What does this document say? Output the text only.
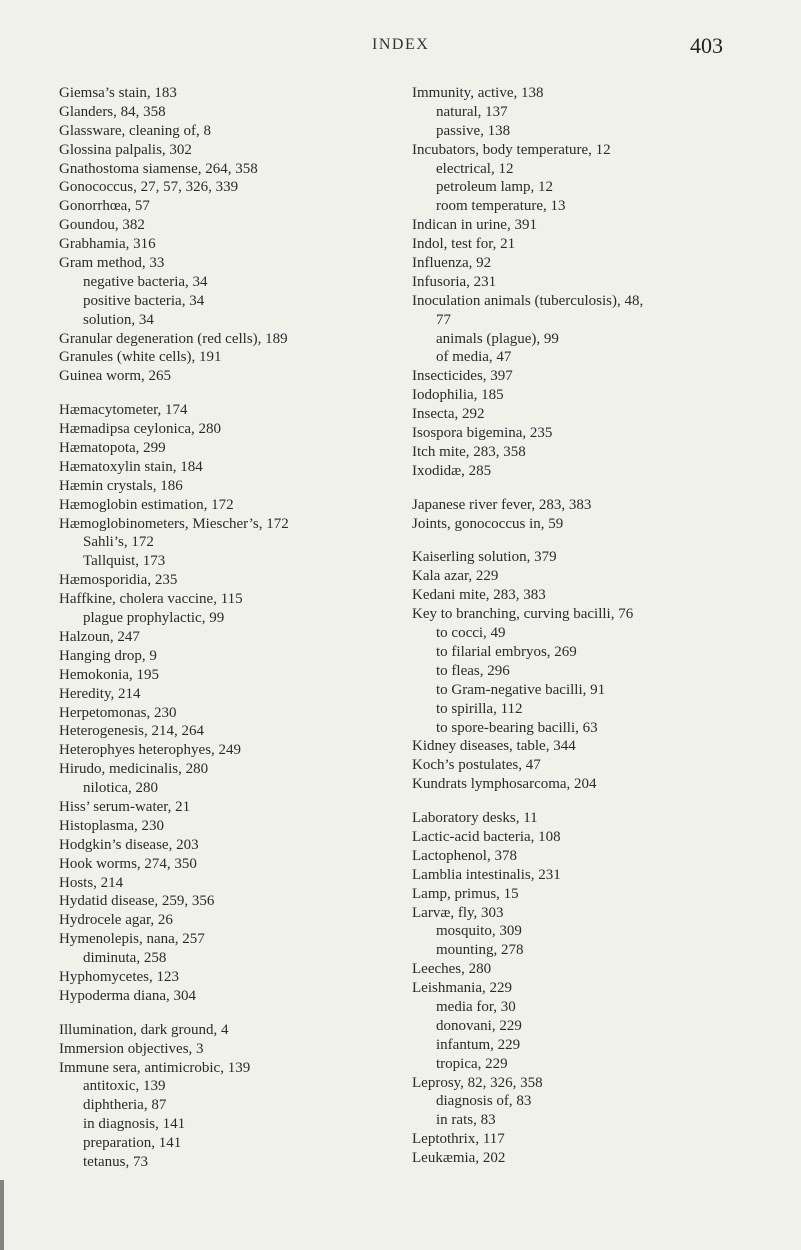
INDEX	403
Giemsa’s stain, 183
Glanders, 84, 358
Glassware, cleaning of, 8
Glossina palpalis, 302
Gnathostoma siamense, 264, 358
Gonococcus, 27, 57, 326, 339
Gonorrhœa, 57
Goundou, 382
Grabhamia, 316
Gram method, 33
negative bacteria, 34
positive bacteria, 34
solution, 34
Granular degeneration (red cells), 189
Granules (white cells), 191
Guinea worm, 265
Hæmacytometer, 174
Hæmadipsa ceylonica, 280
Hæmatopota, 299
Hæmatoxylin stain, 184
Hæmin crystals, 186
Hæmoglobin estimation, 172
Hæmoglobinometers, Miescher’s, 172
Sahli’s, 172
Tallquist, 173
Hæmosporidia, 235
Haffkine, cholera vaccine, 115
plague prophylactic, 99
Halzoun, 247
Hanging drop, 9
Hemokonia, 195
Heredity, 214
Herpetomonas, 230
Heterogenesis, 214, 264
Heterophyes heterophyes, 249
Hirudo, medicinalis, 280
nilotica, 280
Hiss’ serum-water, 21
Histoplasma, 230
Hodgkin’s disease, 203
Hook worms, 274, 350
Hosts, 214
Hydatid disease, 259, 356
Hydrocele agar, 26
Hymenolepis, nana, 257
diminuta, 258
Hyphomycetes, 123
Hypoderma diana, 304
Illumination, dark ground, 4
Immersion objectives, 3
Immune sera, antimicrobic, 139
antitoxic, 139
diphtheria, 87
in diagnosis, 141
preparation, 141
tetanus, 73
Immunity, active, 138
natural, 137
passive, 138
Incubators, body temperature, 12
electrical, 12
petroleum lamp, 12
room temperature, 13
Indican in urine, 391
Indol, test for, 21
Influenza, 92
Infusoria, 231
Inoculation animals (tuberculosis), 48,
77
animals (plague), 99
of media, 47
Insecticides, 397
Iodophilia, 185
Insecta, 292
Isospora bigemina, 235
Itch mite, 283, 358
Ixodidæ, 285
Japanese river fever, 283, 383
Joints, gonococcus in, 59
Kaiserling solution, 379
Kala azar, 229
Kedani mite, 283, 383
Key to branching, curving bacilli, 76
to cocci, 49
to filarial embryos, 269
to fleas, 296
to Gram-negative bacilli, 91
to spirilla, 112
to spore-bearing bacilli, 63
Kidney diseases, table, 344
Koch’s postulates, 47
Kundrats lymphosarcoma, 204
Laboratory desks, 11
Lactic-acid bacteria, 108
Lactophenol, 378
Lamblia intestinalis, 231
Lamp, primus, 15
Larvæ, fly, 303
mosquito, 309
mounting, 278
Leeches, 280
Leishmania, 229
media for, 30
donovani, 229
infantum, 229
tropica, 229
Leprosy, 82, 326, 358
diagnosis of, 83
in rats, 83
Leptothrix, 117
Leukæmia, 202
